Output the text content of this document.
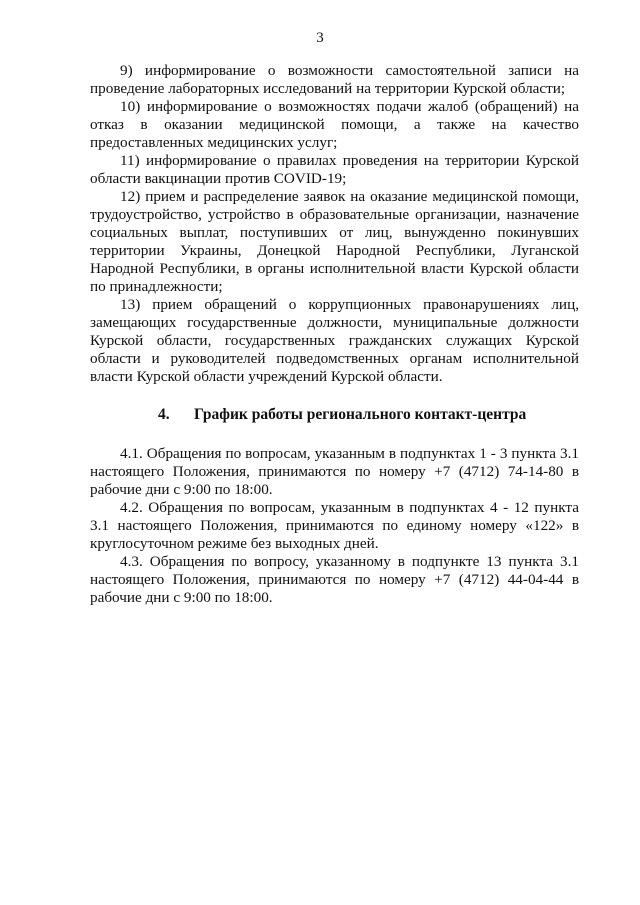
3

9) информирование о возможности самостоятельной записи на проведение лабораторных исследований на территории Курской области;

10) информирование о возможностях подачи жалоб (обращений) на отказ в оказании медицинской помощи, а также на качество предоставленных медицинских услуг;

11) информирование о правилах проведения на территории Курской области вакцинации против COVID-19;

12) прием и распределение заявок на оказание медицинской помощи, трудоустройство, устройство в образовательные организации, назначение социальных выплат, поступивших от лиц, вынужденно покинувших территории Украины, Донецкой Народной Республики, Луганской Народной Республики, в органы исполнительной власти Курской области по принадлежности;

13) прием обращений о коррупционных правонарушениях лиц, замещающих государственные должности, муниципальные должности Курской области, государственных гражданских служащих Курской области и руководителей подведомственных органам исполнительной власти Курской области учреждений Курской области.

4. График работы регионального контакт-центра

4.1. Обращения по вопросам, указанным в подпунктах 1 - 3 пункта 3.1 настоящего Положения, принимаются по номеру +7 (4712) 74-14-80 в рабочие дни с 9:00 по 18:00.

4.2. Обращения по вопросам, указанным в подпунктах 4 - 12 пункта 3.1 настоящего Положения, принимаются по единому номеру «122» в круглосуточном режиме без выходных дней.

4.3. Обращения по вопросу, указанному в подпункте 13 пункта 3.1 настоящего Положения, принимаются по номеру +7 (4712) 44-04-44 в рабочие дни с 9:00 по 18:00.
